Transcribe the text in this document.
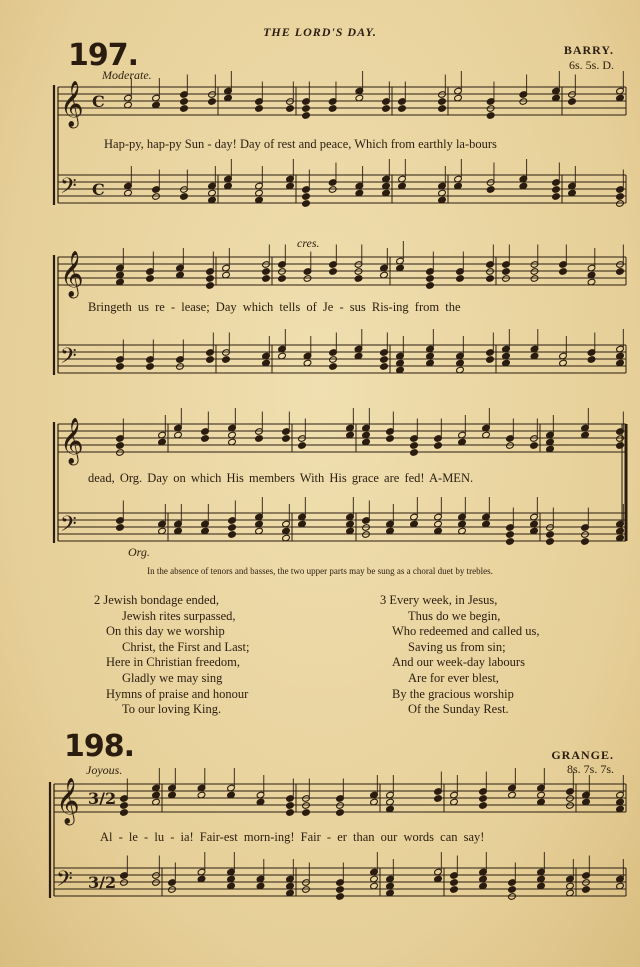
𝄞 C
𝄢 C
𝄞
𝄢
𝄞
𝄢
𝄞 3/2
𝄢 3/2
THE LORD'S DAY.
197.	BARRY.
6s. 5s. D.
Moderate.
Hap-py, hap-py Sun - day! Day of rest and peace, Which from earthly la-bours
cres.
Bringeth us re - lease; Day which tells of Je - sus Ris-ing from the
dead, Org. Day on which His members With His grace are fed! A-MEN.
Org.
In the absence of tenors and basses, the two upper parts may be sung as a choral duet by trebles.
2 Jewish bondage ended,
Jewish rites surpassed,
On this day we worship
Christ, the First and Last;
Here in Christian freedom,
Gladly we may sing
Hymns of praise and honour
To our loving King.
3 Every week, in Jesus,
Thus do we begin,
Who redeemed and called us,
Saving us from sin;
And our week-day labours
Are for ever blest,
By the gracious worship
Of the Sunday Rest.
198.	GRANGE.
8s. 7s. 7s.
Joyous.
Al - le - lu - ia! Fair-est morn-ing! Fair - er than our words can say!
